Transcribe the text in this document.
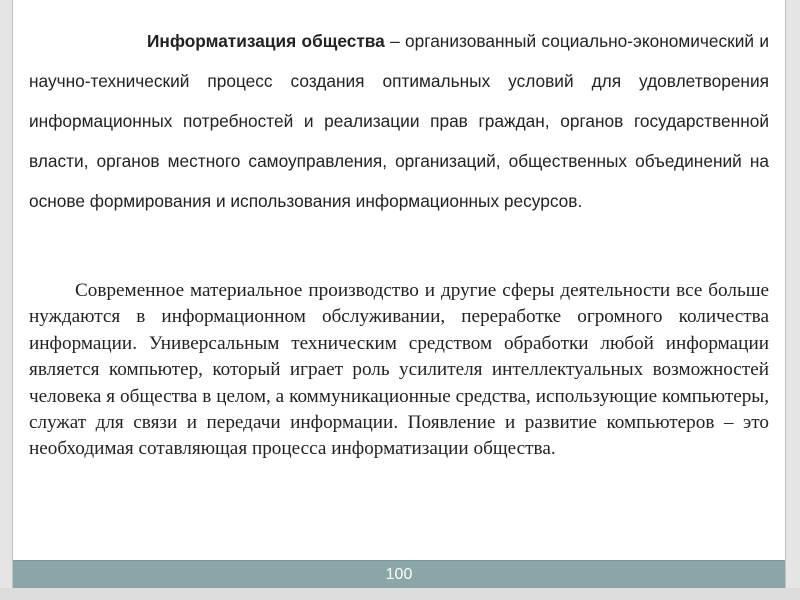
Информатизация общества – организованный социально-экономический и научно-технический процесс создания оптимальных условий для удовлетворения информационных потребностей и реализации прав граждан, органов государственной власти, органов местного самоуправления, организаций, общественных объединений на основе формирования и использования информационных ресурсов.

Современное материальное производство и другие сферы деятельности все больше нуждаются в информационном обслуживании, переработке огромного количества информации. Универсальным техническим средством обработки любой информации является компьютер, который играет роль усилителя интеллектуальных возможностей человека я общества в целом, а коммуникационные средства, использующие компьютеры, служат для связи и передачи информации. Появление и развитие компьютеров – это необходимая сотавляющая процесса информатизации общества.

100
